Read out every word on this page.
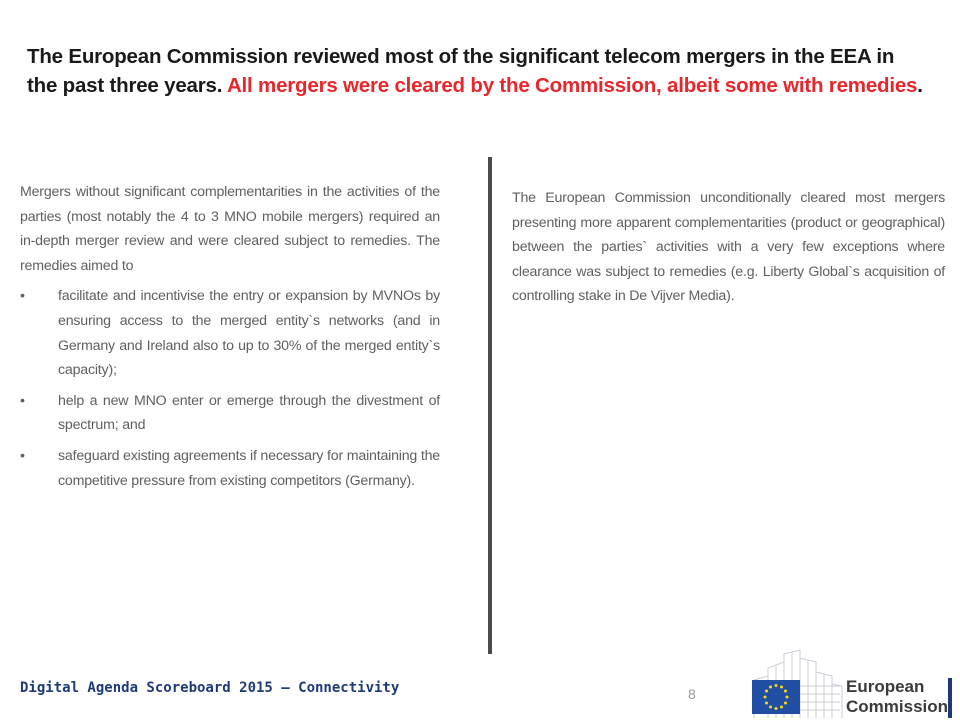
The European Commission reviewed most of the significant telecom mergers in the EEA in the past three years. All mergers were cleared by the Commission, albeit some with remedies.

Mergers without significant complementarities in the activities of the parties (most notably the 4 to 3 MNO mobile mergers) required an in-depth merger review and were cleared subject to remedies. The remedies aimed to

• facilitate and incentivise the entry or expansion by MVNOs by ensuring access to the merged entity`s networks (and in Germany and Ireland also to up to 30% of the merged entity`s capacity);
• help a new MNO enter or emerge through the divestment of spectrum; and
• safeguard existing agreements if necessary for maintaining the competitive pressure from existing competitors (Germany).

The European Commission unconditionally cleared most mergers presenting more apparent complementarities (product or geographical) between the parties` activities with a very few exceptions where clearance was subject to remedies (e.g. Liberty Global`s acquisition of controlling stake in De Vijver Media).

Digital Agenda Scoreboard 2015 – Connectivity	8	European
Commission
